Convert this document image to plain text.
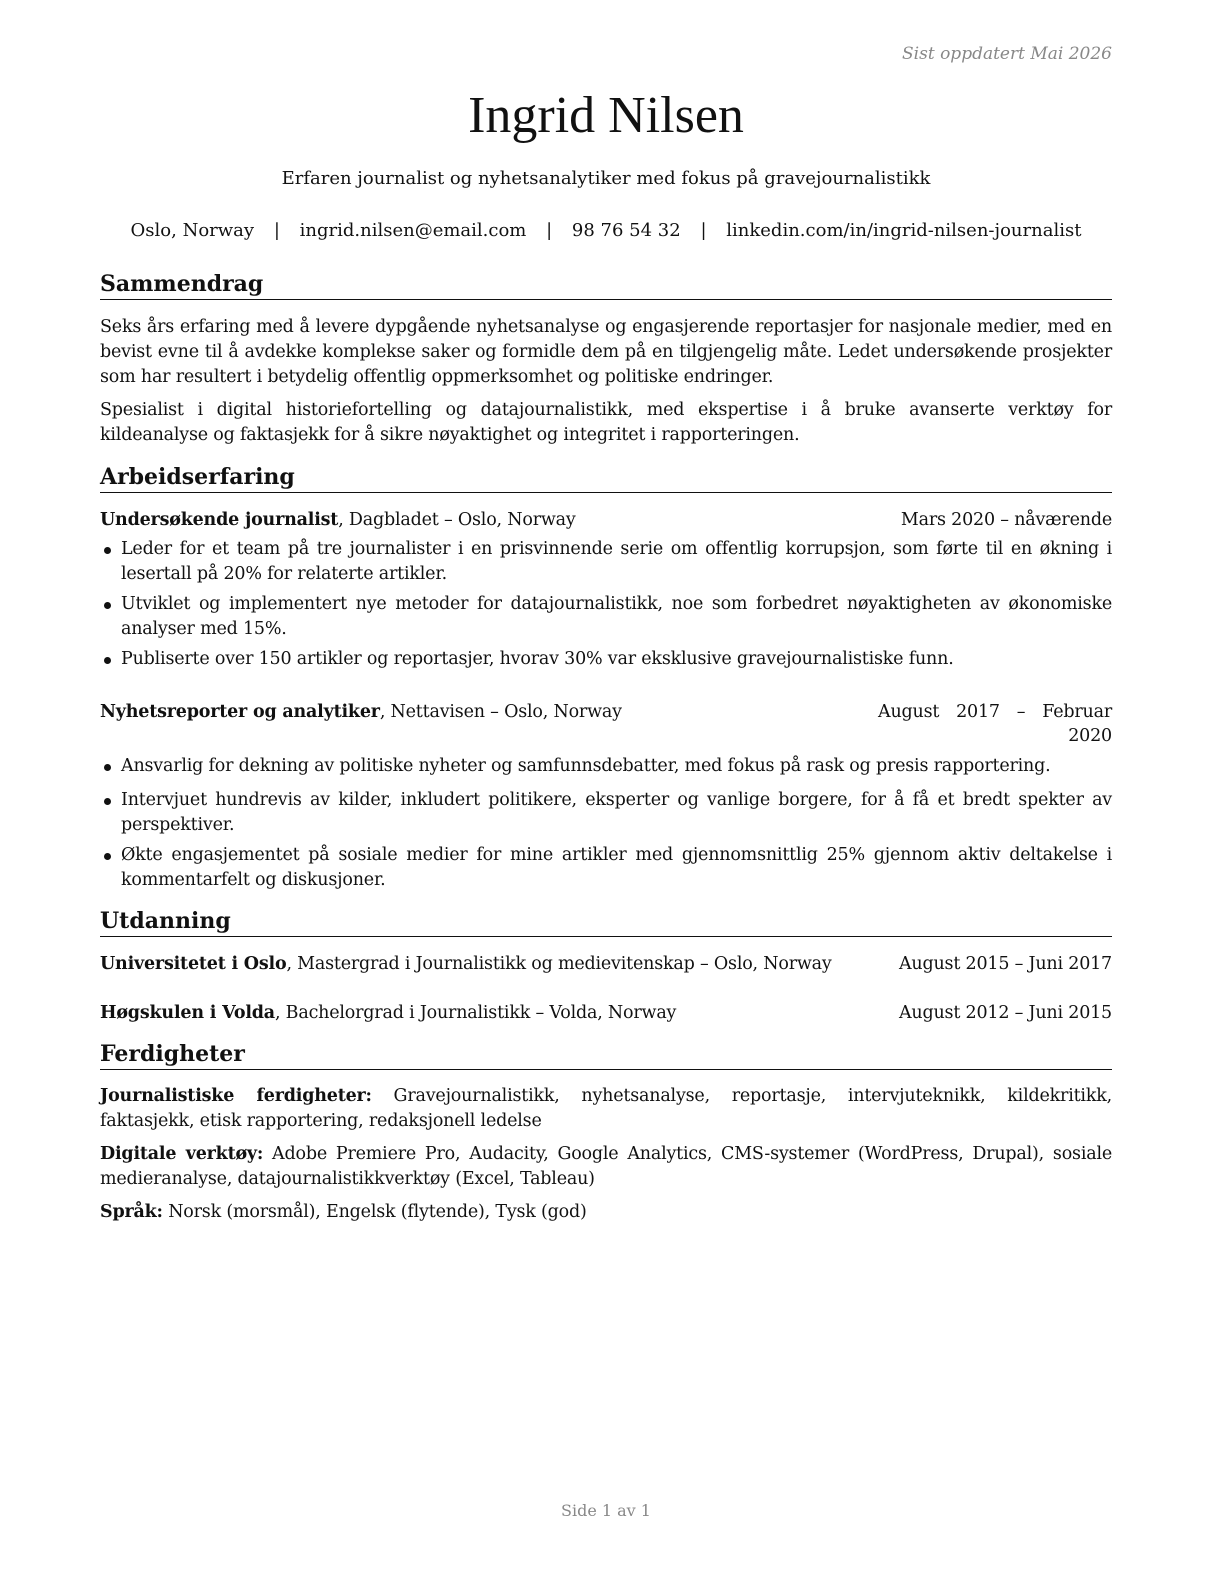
Sist oppdatert Mai 2026
Ingrid Nilsen

Erfaren journalist og nyhetsanalytiker med fokus på gravejournalistikk

Oslo, Norway | ingrid.nilsen@email.com | 98 76 54 32 | linkedin.com/in/ingrid-nilsen-journalist
Sammendrag

Seks års erfaring med å levere dypgående nyhetsanalyse og engasjerende reportasjer for nasjonale medier, med en bevist evne til å avdekke komplekse saker og formidle dem på en tilgjengelig måte. Ledet undersøkende prosjekter som har resultert i betydelig offentlig oppmerksomhet og politiske endringer.

Spesialist i digital historiefortelling og datajournalistikk, med ekspertise i å bruke avanserte verktøy for kildeanalyse og faktasjekk for å sikre nøyaktighet og integritet i rapporteringen.

Arbeidserfaring
Undersøkende journalist, Dagbladet – Oslo, Norway	Mars 2020 – nåværende
Leder for et team på tre journalister i en prisvinnende serie om offentlig korrupsjon, som førte til en økning i lesertall på 20% for relaterte artikler.
Utviklet og implementert nye metoder for datajournalistikk, noe som forbedret nøyaktigheten av økonomiske analyser med 15%.
Publiserte over 150 artikler og reportasjer, hvorav 30% var eksklusive gravejournalistiske funn.
Nyhetsreporter og analytiker, Nettavisen – Oslo, Norway	August 2017 – Februar 2020
Ansvarlig for dekning av politiske nyheter og samfunnsdebatter, med fokus på rask og presis rapportering.
Intervjuet hundrevis av kilder, inkludert politikere, eksperter og vanlige borgere, for å få et bredt spekter av perspektiver.
Økte engasjementet på sosiale medier for mine artikler med gjennomsnittlig 25% gjennom aktiv deltakelse i kommentarfelt og diskusjoner.
Utdanning
Universitetet i Oslo, Mastergrad i Journalistikk og medievitenskap – Oslo, Norway	August 2015 – Juni 2017
Høgskulen i Volda, Bachelorgrad i Journalistikk – Volda, Norway	August 2012 – Juni 2015
Ferdigheter

Journalistiske ferdigheter: Gravejournalistikk, nyhetsanalyse, reportasje, intervjuteknikk, kildekritikk, faktasjekk, etisk rapportering, redaksjonell ledelse

Digitale verktøy: Adobe Premiere Pro, Audacity, Google Analytics, CMS-systemer (WordPress, Drupal), sosiale medieranalyse, datajournalistikkverktøy (Excel, Tableau)

Språk: Norsk (morsmål), Engelsk (flytende), Tysk (god)

Side 1 av 1
